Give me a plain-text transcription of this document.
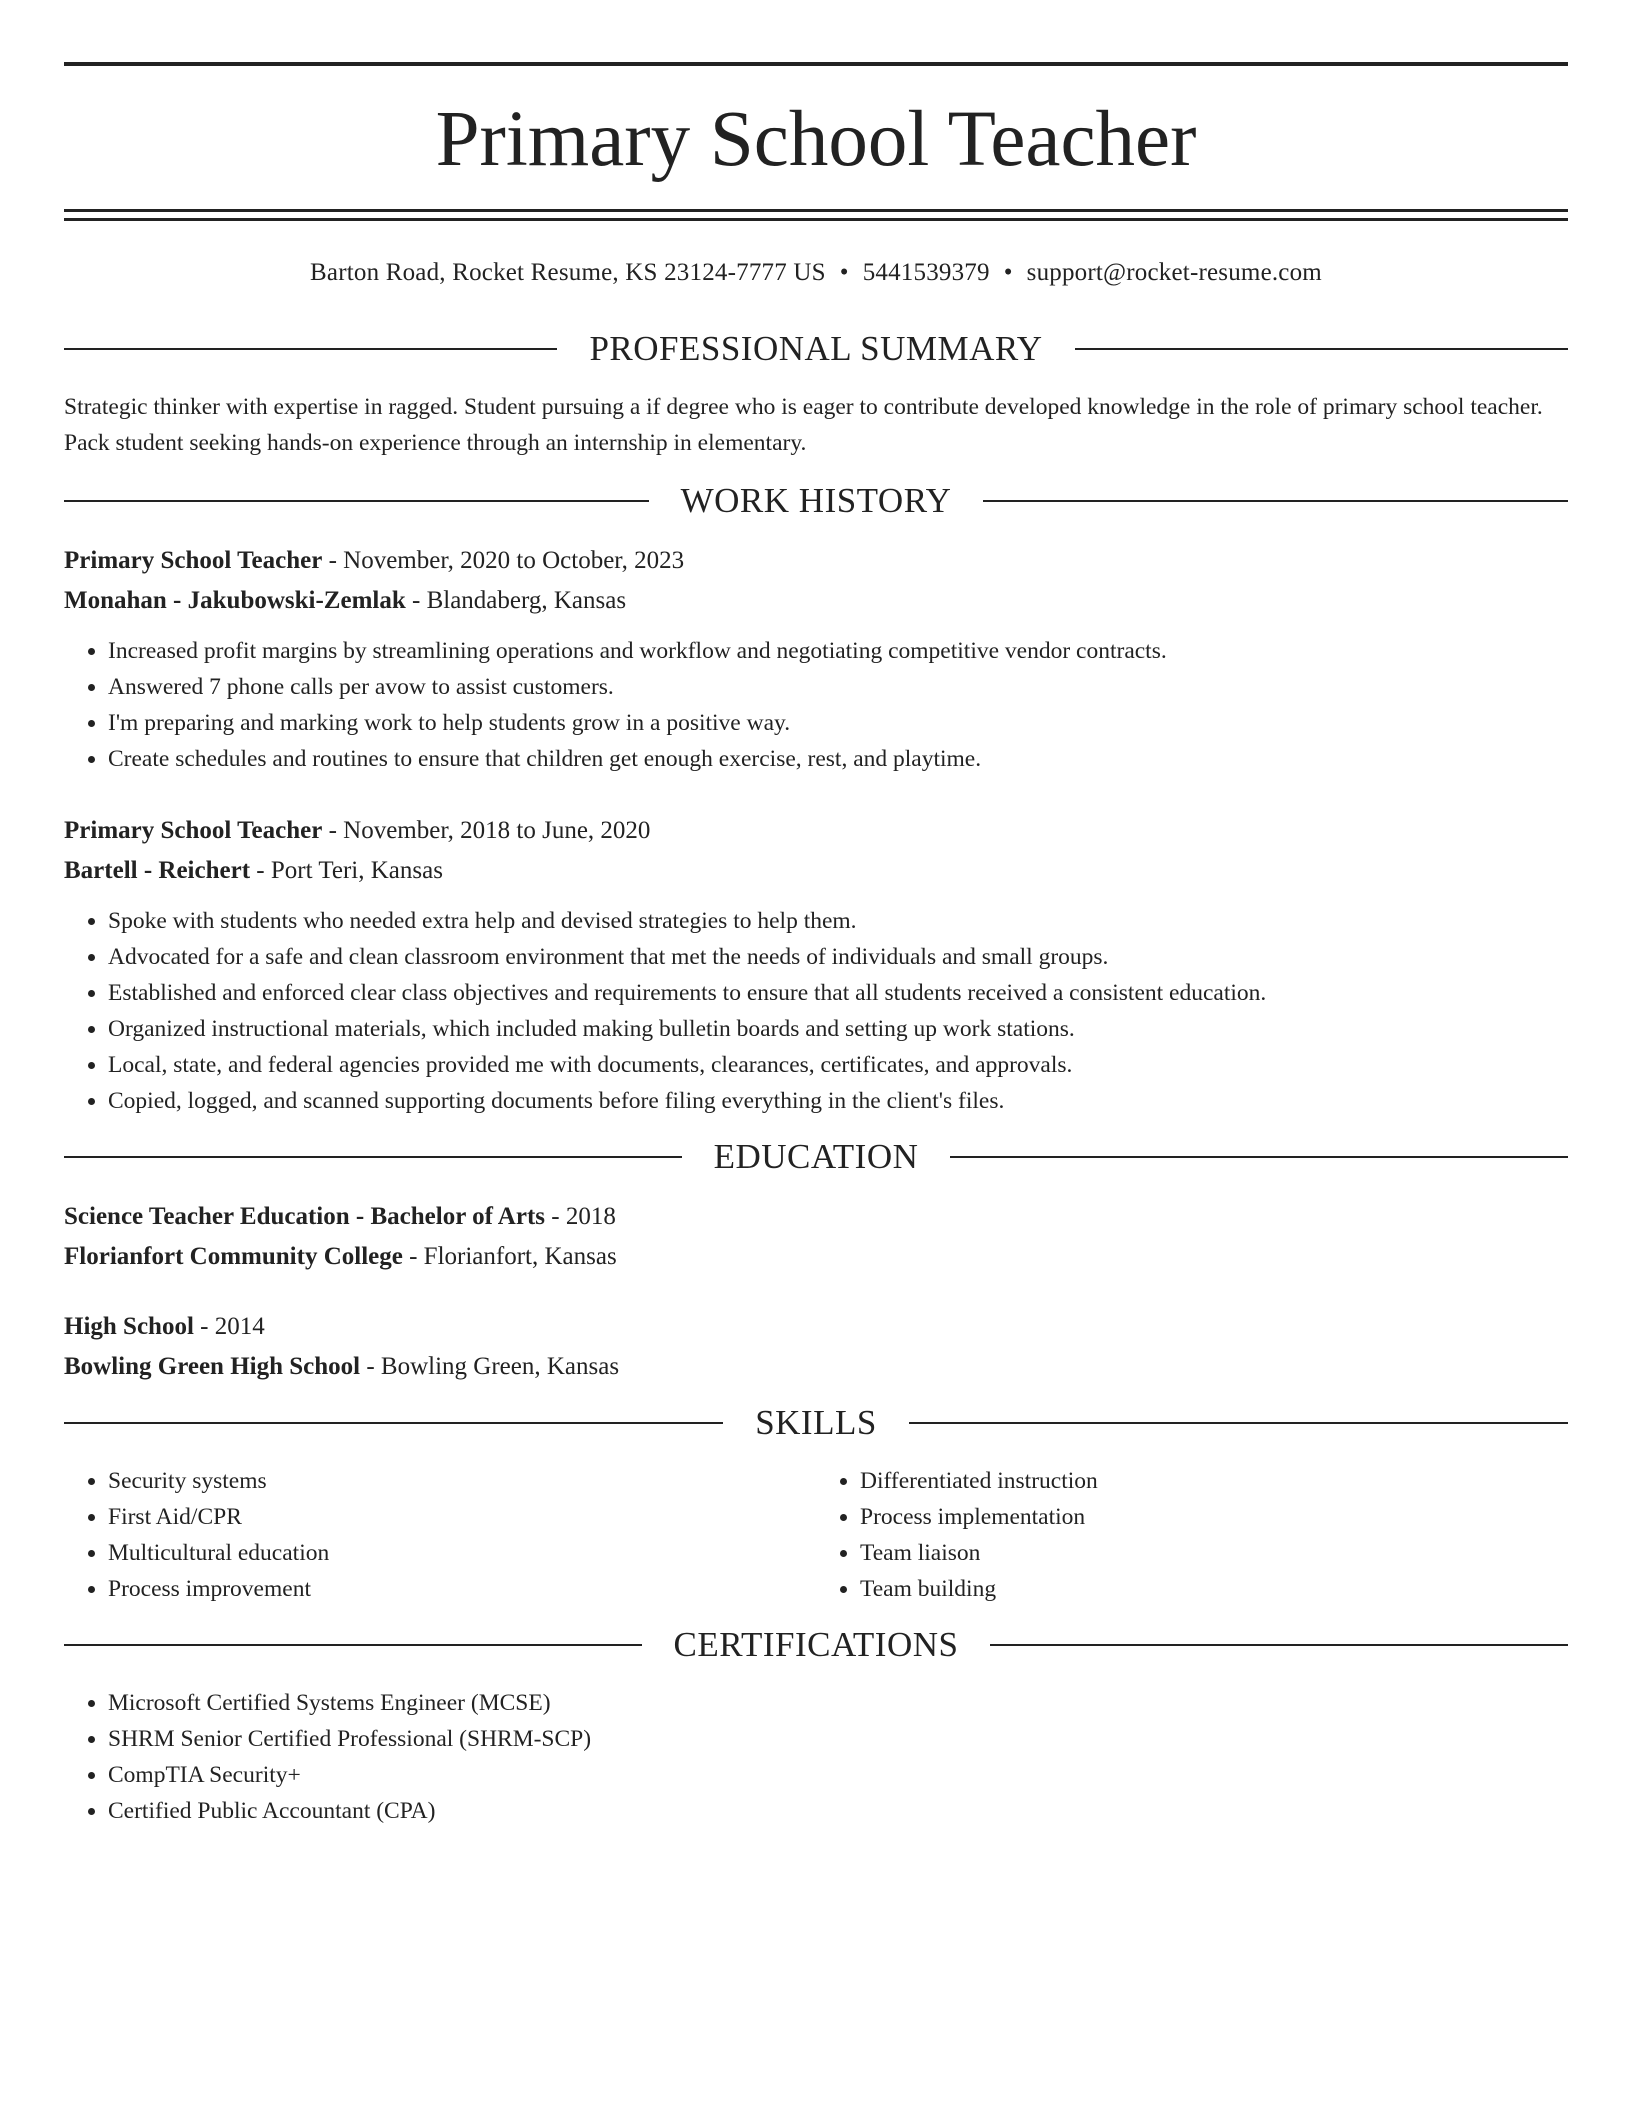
Primary School Teacher
Barton Road, Rocket Resume, KS 23124-7777 US • 5441539379 • support@rocket-resume.com
PROFESSIONAL SUMMARY

Strategic thinker with expertise in ragged. Student pursuing a if degree who is eager to contribute developed knowledge in the role of primary school teacher. Pack student seeking hands-on experience through an internship in elementary.

WORK HISTORY
Primary School Teacher - November, 2020 to October, 2023
Monahan - Jakubowski-Zemlak - Blandaberg, Kansas
• Increased profit margins by streamlining operations and workflow and negotiating competitive vendor contracts.
• Answered 7 phone calls per avow to assist customers.
• I'm preparing and marking work to help students grow in a positive way.
• Create schedules and routines to ensure that children get enough exercise, rest, and playtime.
Primary School Teacher - November, 2018 to June, 2020
Bartell - Reichert - Port Teri, Kansas
• Spoke with students who needed extra help and devised strategies to help them.
• Advocated for a safe and clean classroom environment that met the needs of individuals and small groups.
• Established and enforced clear class objectives and requirements to ensure that all students received a consistent education.
• Organized instructional materials, which included making bulletin boards and setting up work stations.
• Local, state, and federal agencies provided me with documents, clearances, certificates, and approvals.
• Copied, logged, and scanned supporting documents before filing everything in the client's files.
EDUCATION
Science Teacher Education - Bachelor of Arts - 2018
Florianfort Community College - Florianfort, Kansas
High School - 2014
Bowling Green High School - Bowling Green, Kansas
SKILLS
• Security systems
• First Aid/CPR
• Multicultural education
• Process improvement
• Differentiated instruction
• Process implementation
• Team liaison
• Team building
CERTIFICATIONS
• Microsoft Certified Systems Engineer (MCSE)
• SHRM Senior Certified Professional (SHRM-SCP)
• CompTIA Security+
• Certified Public Accountant (CPA)
